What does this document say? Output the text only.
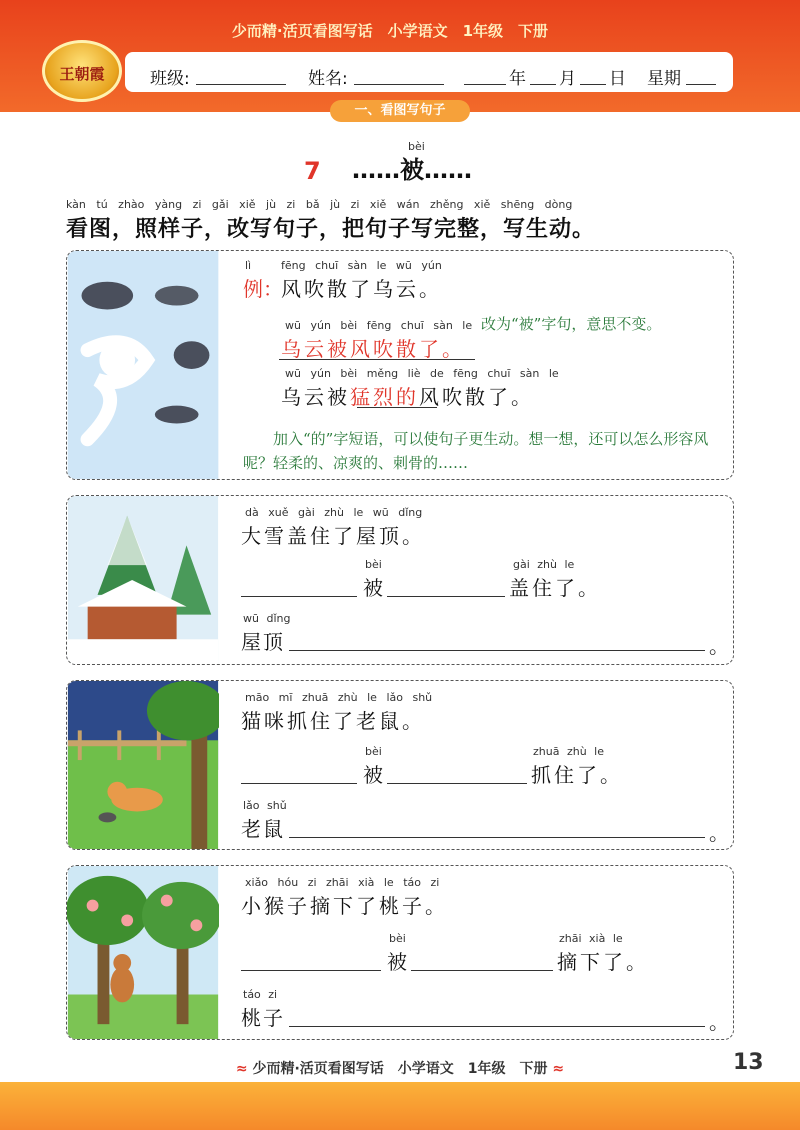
少而精·活页看图写话　小学语文　1年级　下册
王朝霞	班级:	姓名:	年 月 日 星期
一、看图写句子
7
bèi
……被……
kàn tú zhào yàng zi gǎi xiě jù zi bǎ jù zi xiě wán zhěng xiě shēng dòng
看图，照样子，改写句子，把句子写完整，写生动。
lì
例：
fēng chuī sàn le wū yún
风吹散了乌云。
wū yún bèi fēng chuī sàn le
乌云被风吹散了。
改为“被”字句，意思不变。
wū yún bèi měng liè de fēng chuī sàn le
乌云被猛烈的风吹散了。
加入“的”字短语，可以使句子更生动。想一想，还可以怎么形容风呢？轻柔的、凉爽的、刺骨的……
dà xuě gài zhù le wū dǐng
大雪盖住了屋顶。
bèi
被
gài zhù le
盖住了。
wū dǐng
屋顶	。
māo mī zhuā zhù le lǎo shǔ
猫咪抓住了老鼠。
bèi
被
zhuā zhù le
抓住了。
lǎo shǔ
老鼠	。
xiǎo hóu zi zhāi xià le táo zi
小猴子摘下了桃子。
bèi
被
zhāi xià le
摘下了。
táo zi
桃子	。
≈ 少而精·活页看图写话　小学语文　1年级　下册 ≈	13
